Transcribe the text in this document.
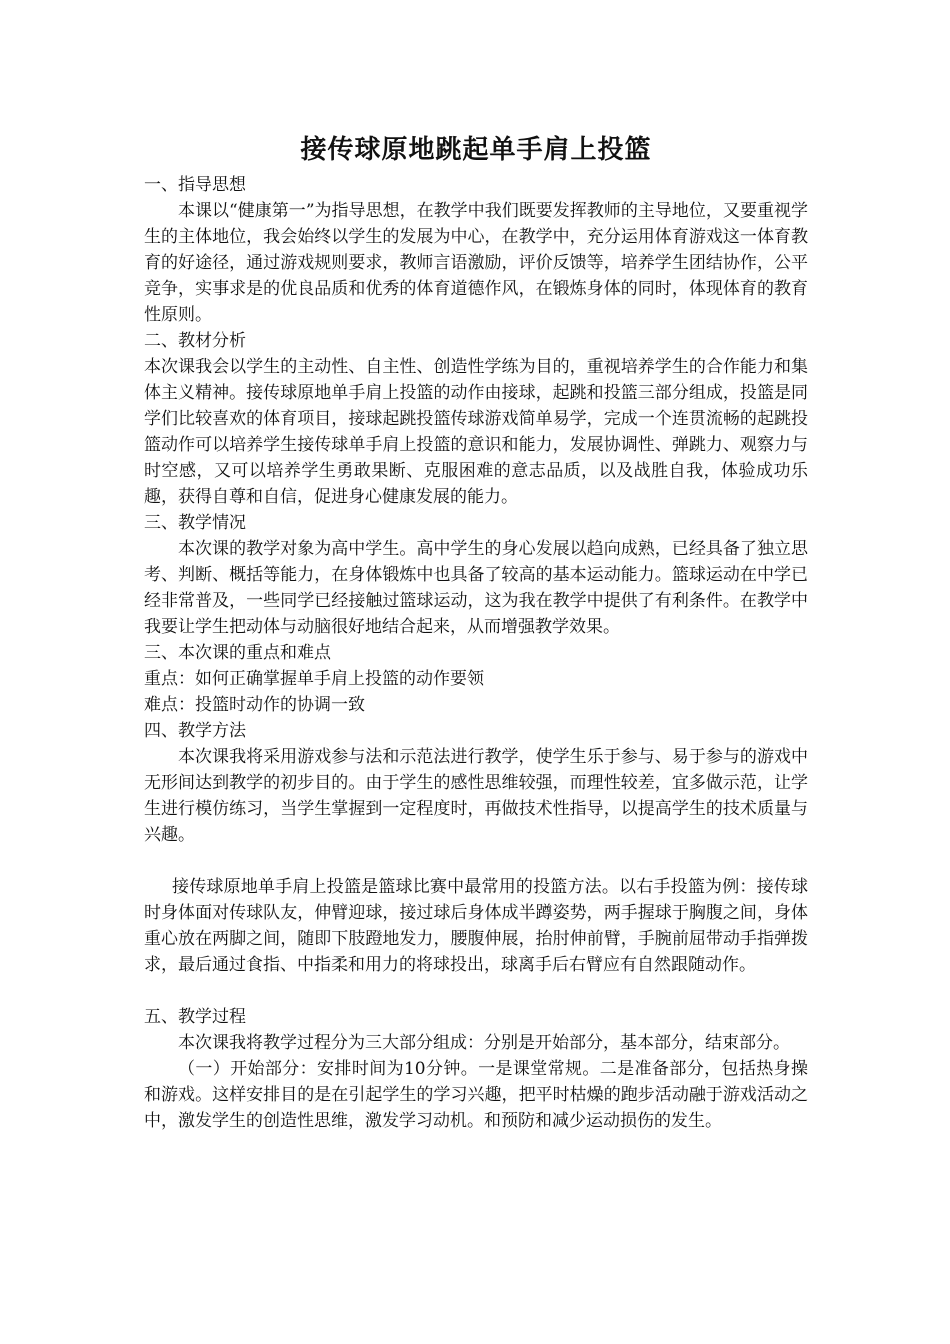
接传球原地跳起单手肩上投篮

一、指导思想

本课以“健康第一”为指导思想，在教学中我们既要发挥教师的主导地位，又要重视学生的主体地位，我会始终以学生的发展为中心，在教学中，充分运用体育游戏这一体育教育的好途径，通过游戏规则要求，教师言语激励，评价反馈等，培养学生团结协作，公平竞争，实事求是的优良品质和优秀的体育道德作风，在锻炼身体的同时，体现体育的教育性原则。

二、教材分析

本次课我会以学生的主动性、自主性、创造性学练为目的，重视培养学生的合作能力和集体主义精神。接传球原地单手肩上投篮的动作由接球，起跳和投篮三部分组成，投篮是同学们比较喜欢的体育项目，接球起跳投篮传球游戏简单易学，完成一个连贯流畅的起跳投篮动作可以培养学生接传球单手肩上投篮的意识和能力，发展协调性、弹跳力、观察力与时空感，又可以培养学生勇敢果断、克服困难的意志品质，以及战胜自我，体验成功乐趣，获得自尊和自信，促进身心健康发展的能力。

三、教学情况

本次课的教学对象为高中学生。高中学生的身心发展以趋向成熟，已经具备了独立思考、判断、概括等能力，在身体锻炼中也具备了较高的基本运动能力。篮球运动在中学已经非常普及，一些同学已经接触过篮球运动，这为我在教学中提供了有利条件。在教学中我要让学生把动体与动脑很好地结合起来，从而增强教学效果。

三、本次课的重点和难点

重点：如何正确掌握单手肩上投篮的动作要领

难点：投篮时动作的协调一致

四、教学方法

本次课我将采用游戏参与法和示范法进行教学，使学生乐于参与、易于参与的游戏中无形间达到教学的初步目的。由于学生的感性思维较强，而理性较差，宜多做示范，让学生进行模仿练习，当学生掌握到一定程度时，再做技术性指导，以提高学生的技术质量与兴趣。

接传球原地单手肩上投篮是篮球比赛中最常用的投篮方法。以右手投篮为例：接传球时身体面对传球队友，伸臂迎球，接过球后身体成半蹲姿势，两手握球于胸腹之间，身体重心放在两脚之间，随即下肢蹬地发力，腰腹伸展，抬肘伸前臂，手腕前屈带动手指弹拨求，最后通过食指、中指柔和用力的将球投出，球离手后右臂应有自然跟随动作。

五、教学过程

本次课我将教学过程分为三大部分组成：分别是开始部分，基本部分，结束部分。

（一）开始部分：安排时间为10分钟。一是课堂常规。二是准备部分，包括热身操和游戏。这样安排目的是在引起学生的学习兴趣，把平时枯燥的跑步活动融于游戏活动之中，激发学生的创造性思维，激发学习动机。和预防和减少运动损伤的发生。
